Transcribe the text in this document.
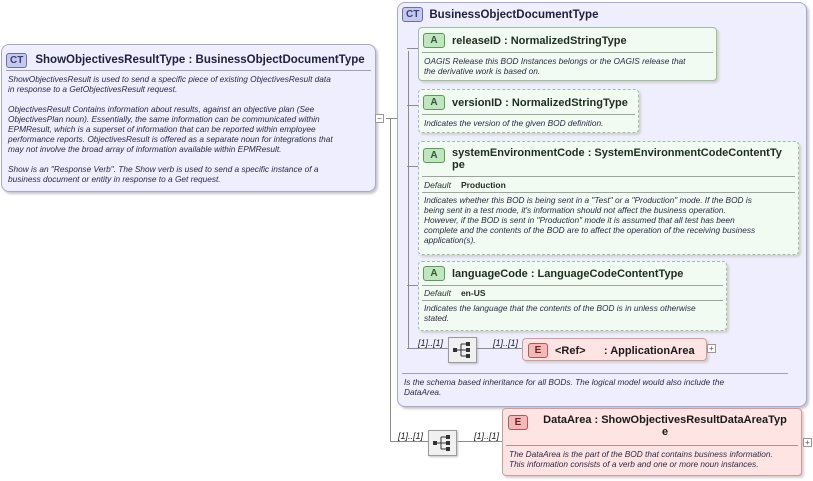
CT	ShowObjectivesResultType : BusinessObjectDocumentType
ShowObjectivesResult is used to send a specific piece of existing ObjectivesResult data
in response to a GetObjectivesResult request.

ObjectivesResult Contains information about results, against an objective plan (See
ObjectivesPlan noun). Essentially, the same information can be communicated within
EPMResult, which is a superset of information that can be reported within employee
performance reports. ObjectivesResult is offered as a separate noun for integrations that
may not involve the broad array of information available within EPMResult.

Show is an "Response Verb". The Show verb is used to send a specific instance of a
business document or entity in response to a Get request.
−
CT BusinessObjectDocumentType
Is the schema based inheritance for all BODs. The logical model would also include the
DataArea.
A	releaseID : NormalizedStringType
OAGIS Release this BOD Instances belongs or the OAGIS release that
the derivative work is based on.
A	versionID : NormalizedStringType
Indicates the version of the given BOD definition.
A	systemEnvironmentCode : SystemEnvironmentCodeContentTy
pe
Default Production
Indicates whether this BOD is being sent in a "Test" or a "Production" mode. If the BOD is
being sent in a test mode, it's information should not affect the business operation.
However, if the BOD is sent in "Production" mode it is assumed that all test has been
complete and the contents of the BOD are to affect the operation of the receiving business
application(s).
A	languageCode : LanguageCodeContentType
Default en-US
Indicates the language that the contents of the BOD is in unless otherwise
stated.
[1]..[1]	[1]..[1]
E	<Ref>      : ApplicationArea +
[1]..[1]	[1]..[1]
E	DataArea : ShowObjectivesResultDataAreaTyp
e
The DataArea is the part of the BOD that contains business information.
This information consists of a verb and one or more noun instances.
+
